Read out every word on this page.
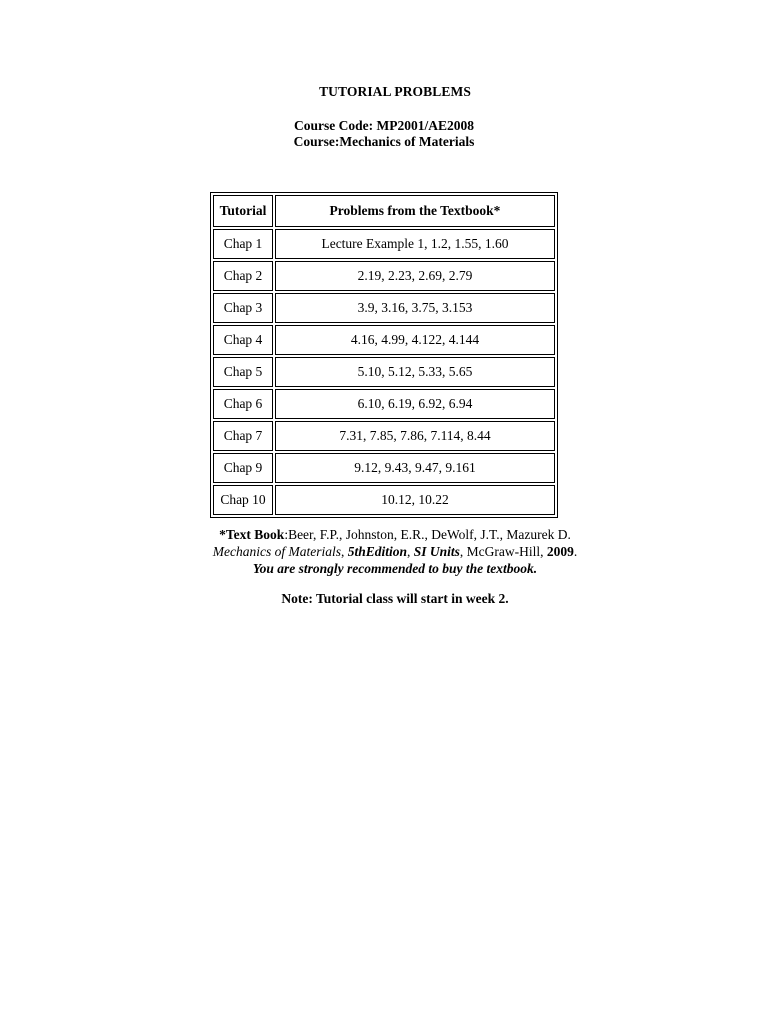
TUTORIAL PROBLEMS
Course Code: MP2001/AE2008
Course:Mechanics of Materials
Tutorial	Problems from the Textbook*
Chap 1	Lecture Example 1, 1.2, 1.55, 1.60
Chap 2	2.19, 2.23, 2.69, 2.79
Chap 3	3.9, 3.16, 3.75, 3.153
Chap 4	4.16, 4.99, 4.122, 4.144
Chap 5	5.10, 5.12, 5.33, 5.65
Chap 6	6.10, 6.19, 6.92, 6.94
Chap 7	7.31, 7.85, 7.86, 7.114, 8.44
Chap 9	9.12, 9.43, 9.47, 9.161
Chap 10	10.12, 10.22
*Text Book:Beer, F.P., Johnston, E.R., DeWolf, J.T., Mazurek D.
Mechanics of Materials, 5thEdition, SI Units, McGraw-Hill, 2009.
You are strongly recommended to buy the textbook.
Note: Tutorial class will start in week 2.
